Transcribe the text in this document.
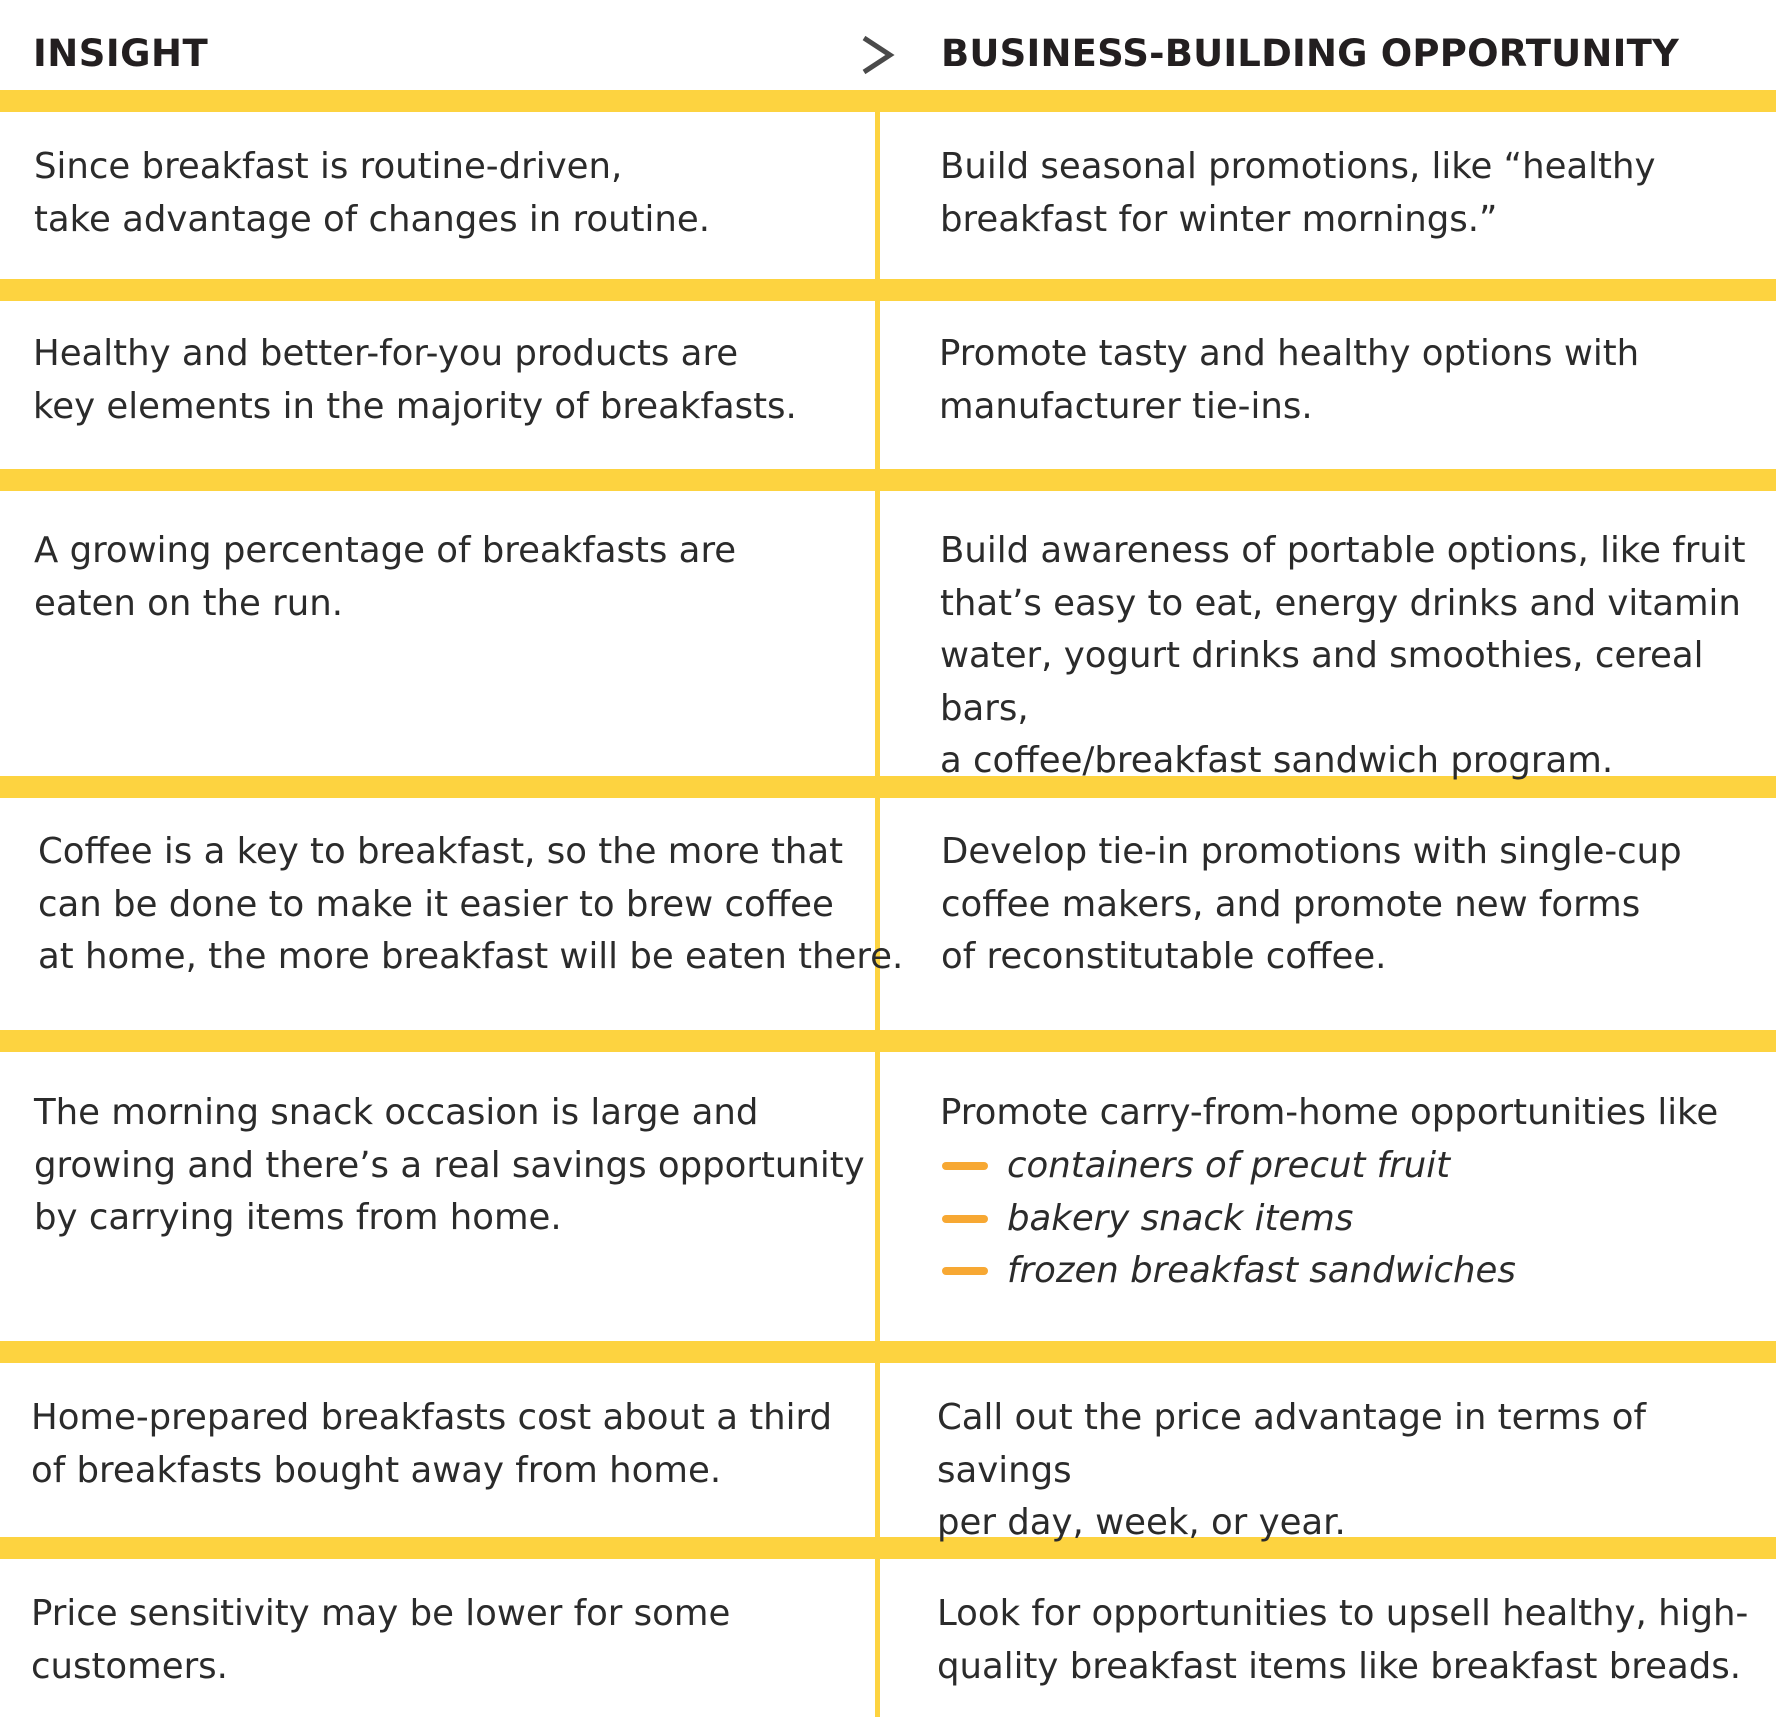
INSIGHT	BUSINESS-BUILDING OPPORTUNITY
Since breakfast is routine-driven,
take advantage of changes in routine.
Build seasonal promotions, like “healthy
breakfast for winter mornings.”
Healthy and better-for-you products are
key elements in the majority of breakfasts.
Promote tasty and healthy options with
manufacturer tie-ins.
A growing percentage of breakfasts are
eaten on the run.
Build awareness of portable options, like fruit
that’s easy to eat, energy drinks and vitamin
water, yogurt drinks and smoothies, cereal bars,
a coffee/breakfast sandwich program.
Coffee is a key to breakfast, so the more that
can be done to make it easier to brew coffee
at home, the more breakfast will be eaten there.
Develop tie-in promotions with single-cup
coffee makers, and promote new forms
of reconstitutable coffee.
The morning snack occasion is large and
growing and there’s a real savings opportunity
by carrying items from home.
Promote carry-from-home opportunities like
containers of precut fruit
bakery snack items
frozen breakfast sandwiches
Home-prepared breakfasts cost about a third
of breakfasts bought away from home.
Call out the price advantage in terms of savings
per day, week, or year.
Price sensitivity may be lower for some
customers.
Look for opportunities to upsell healthy, high-
quality breakfast items like breakfast breads.
